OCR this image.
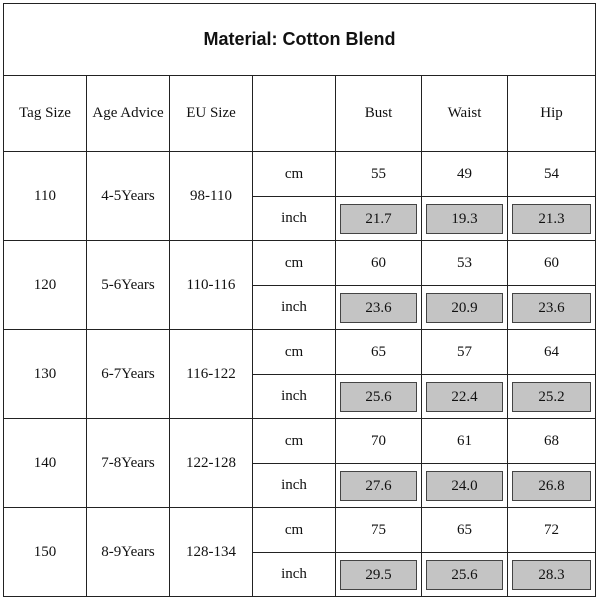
Material: Cotton Blend						
Tag Size	Age Advice	EU Size		Bust	Waist	Hip
110	4-5Years	98-110	cm	55	49	54
			inch	21.7	19.3	21.3

120	5-6Years	110-116	cm	60	53	60
			inch	23.6	20.9	23.6

130	6-7Years	116-122	cm	65	57	64
			inch	25.6	22.4	25.2

140	7-8Years	122-128	cm	70	61	68
			inch	27.6	24.0	26.8

150	8-9Years	128-134	cm	75	65	72
			inch	29.5	25.6	28.3
